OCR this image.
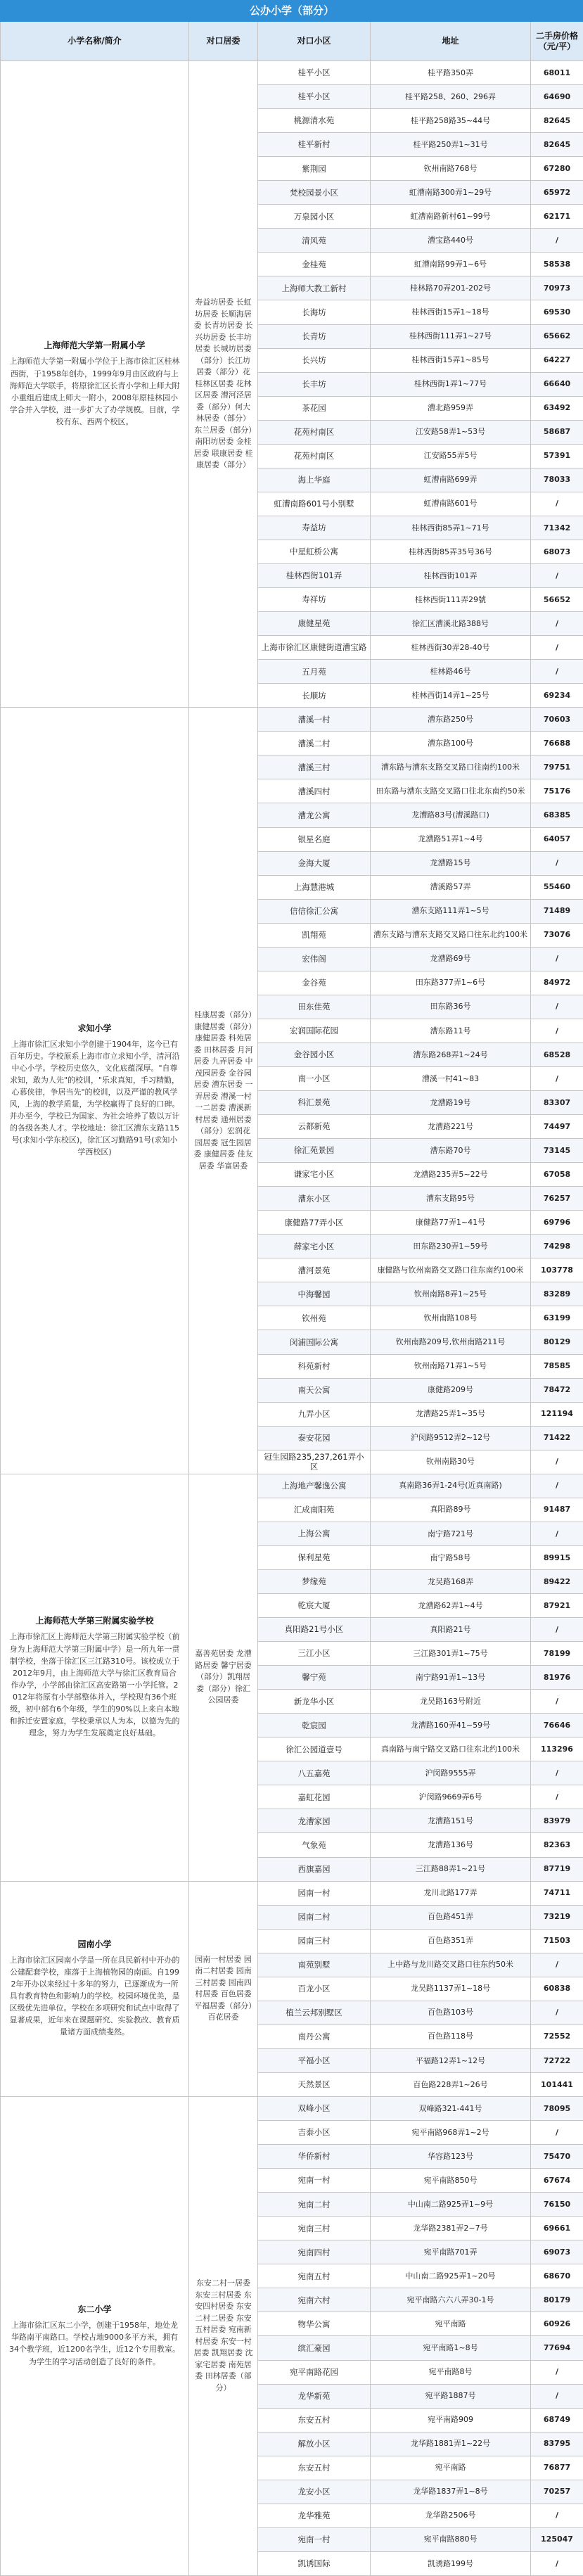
公办小学（部分）				
小学名称/简介	对口居委	对口小区	地址	二手房价格（元/平）

上海师范大学第一附属小学
上海师范大学第一附属小学位于上海市徐汇区桂林西街，于1958年创办，1999年9月由区政府与上海师范大学联手，将原徐汇区长青小学和上师大附小重组后建成上师大一附小，2008年原桂林园小学合并入学校，进一步扩大了办学规模。目前，学校有东、西两个校区。	寿益坊居委 长虹坊居委 长顺海居委 长青坊居委 长兴坊居委 长丰坊居委 长城坊居委（部分）长江坊居委（部分）花桂林区居委 花林区居委 漕河泾居委（部分）何大林居委（部分）东兰居委（部分）南阳坊居委 金桂居委 联康居委 桂康居委（部分）	桂平小区	桂平路350弄	68011
		桂平小区	桂平路258、260、296弄	64690
		桃源清水苑	桂平路258路35~44号	82645
		桂平新村	桂平路250弄1~31号	82645
		紫荆园	钦州南路768号	67280
		梵校园景小区	虹漕南路300弄1~29号	65972
		万泉园小区	虹漕南路新村61~99号	62171
		清风苑	漕宝路440号	/
		金桂苑	虹漕南路99弄1~6号	58538
		上海师大教工新村	桂林路70弄201-202号	70973
		长海坊	桂林西街15弄1~18号	69530
		长青坊	桂林西街111弄1~27号	65662
		长兴坊	桂林西街15弄1~85号	64227
		长丰坊	桂林西街1弄1~77号	66640
		茶花园	漕北路959弄	63492
		花苑村南区	江安路58弄1~53号	58687
		花苑村南区	江安路55弄5号	57391
		海上华庭	虹漕南路699弄	78033
		虹漕南路601号小别墅	虹漕南路601号	/
		寿益坊	桂林西街85弄1~71号	71342
		中星虹桥公寓	桂林西街85弄35号36号	68073
		桂林西街101弄	桂林西街101弄	/
		寿祥坊	桂林西街111弄29號	56652
		康健星苑	徐汇区漕溪北路388号	/
		上海市徐汇区康健街道漕宝路	桂林西街30弄28-40号	/
		五月苑	桂林路46号	/
		长顺坊	桂林西街14弄1~25号	69234

求知小学
上海市徐汇区求知小学创建于1904年，迄今已有百年历史。学校原系上海市市立求知小学，清河沿中心小学。学校历史悠久，文化底蕴深厚。"自尊求知，敢为人先"的校训，"乐求真知，手习精勤，心慕侠律，争居当先"的校训，以及严谨的教风学风，上海的教学质量，为学校赢得了良好的口碑。并办至今，学校已为国家、为社会培养了数以万计的各级各类人才。学校地址：徐汇区漕东支路115号(求知小学东校区)，徐汇区习勤路91号(求知小学西校区)	桂康居委（部分）康健居委（部分）康健居委 科苑居委 田林居委 月河居委 九弄居委 中茂园居委 金谷园居委 漕东居委 一弄居委 漕溪一村一二居委 漕溪新村居委 通州居委（部分）宏润花园居委 冠生园居委 康健居委 佳友居委 华富居委	漕溪一村	漕东路250号	70603
		漕溪二村	漕东路100号	76688
		漕溪三村	漕东路与漕东支路交叉路口往南约100米	79751
		漕溪四村	田东路与漕东支路交叉路口往北东南约50米	75176
		漕龙公寓	龙漕路83号(漕溪路口)	68385
		银星名庭	龙漕路51弄1~4号	64057
		金海大厦	龙漕路15号	/
		上海慧港城	漕溪路57弄	55460
		信信徐汇公寓	漕东支路111弄1~5号	71489
		凯翔苑	漕东支路与漕东支路交叉路口往东北约100米	73076
		宏伟阁	龙漕路69号	/
		金谷苑	田东路377弄1~6号	84972
		田东佳苑	田东路36号	/
		宏润国际花园	漕东路11号	/
		金谷园小区	漕东路268弄1~24号	68528
		南一小区	漕溪一村41~83	/
		科汇景苑	龙漕路19号	83307
		云都新苑	龙漕路221号	74497
		徐汇苑景园	漕东路70号	73145
		谦家宅小区	龙漕路235弄5~22号	67058
		漕东小区	漕东支路95号	76257
		康健路77弄小区	康健路77弄1~41号	69796
		薛家宅小区	田东路230弄1~59号	74298
		漕河景苑	康健路与钦州南路交叉路口往东南约100米	103778
		中海馨园	钦州南路8弄1~25号	83289
		钦州苑	钦州南路108号	63199
		闵浦国际公寓	钦州南路209号,钦州南路211号	80129
		科苑新村	钦州南路71弄1~5号	78585
		南天公寓	康健路209号	78472
		九弄小区	龙漕路25弄1~35号	121194
		泰安花园	沪闵路9512弄2~12号	71422
		冠生园路235,237,261弄小区	钦州南路30号	/

上海师范大学第三附属实验学校
上海市徐汇区上海师范大学第三附属实验学校（前身为上海师范大学第三附属中学）是一所九年一贯制学校，坐落于徐汇区三江路310号。该校成立于2012年9月，由上海师范大学与徐汇区教育局合作办学，小学部由徐汇区高安路第一小学托管。2012年将原有小学部整体并入，学校现有36个班级，初中部有6个年级，学生的90%以上来自本地和拆迁安置家庭，学校秉承以人为本，以德为先的理念，努力为学生发展奠定良好基础。	嘉善苑居委 龙漕路居委 馨宁居委（部分）凯翔居委（部分）徐汇公园居委	上海地产馨逸公寓	真南路36弄1-24号(近真南路)	/
		汇成南阳苑	真阳路89号	91487
		上海公寓	南宁路721号	/
		保利星苑	南宁路58号	89915
		梦缘苑	龙吴路168弄	89422
		乾宸大厦	龙漕路62弄1~4号	87921
		真阳路21号小区	真阳路21号	/
		三江小区	三江路301弄1~75号	78199
		馨宁苑	南宁路91弄1~13号	81976
		新龙华小区	龙吴路163号附近	/
		乾宸园	龙漕路160弄41~59号	76646
		徐汇公园道壹号	真南路与南宁路交叉路口往东北约100米	113296
		八五嘉苑	沪闵路9555弄	/
		嘉虹花园	沪闵路9669弄6号	/
		龙漕家园	龙漕路151号	83979
		气象苑	龙漕路136号	82363
		西旗嘉园	三江路88弄1~21号	87719

园南小学
上海市徐汇区园南小学是一所在具民新村中开办的公建配套学校，座落于上海植物园的南面。自1992年开办以来经过十多年的努力，已逐渐成为一所具有教育特色和影响力的学校。校园环境优美，是区级优先进单位。学校在多项研究和试点中取得了显著成果，近年来在课题研究、实验教改、教育质量诸方面成绩斐然。	园南一村居委 园南二村居委 园南三村居委 园南四村居委 百色居委 平福居委（部分）百花居委	园南一村	龙川北路177弄	74711
		园南二村	百色路451弄	73219
		园南三村	百色路351弄	71503
		南苑别墅	上中路与龙川路交叉路口往东约50米	/
		百龙小区	龙吴路1137弄1~18号	60838
		植兰云邦别墅区	百色路103号	/
		南丹公寓	百色路118号	72552
		平福小区	平福路12弄1~12号	72722
		天然景区	百色路228弄1~26号	101441

东二小学
上海市徐汇区东二小学，创建于1958年，地处龙华路南平南路口。学校占地9000多平方米，拥有34个教学班，近1200名学生，近12个专用教室。为学生的学习活动创造了良好的条件。	东安二村一居委 东安三村居委 东安四村居委 东安二村二居委 东安五村居委 宛南新村居委 东安一村居委 凯翔居委 沈家宅居委 南苑居委 田林居委（部分）	双峰小区	双峰路321-441号	78095
		吉泰小区	宛平南路968弄1~2号	/
		华侨新村	华容路123号	75470
		宛南一村	宛平南路850号	67674
		宛南二村	中山南二路925弄1~9号	76150
		宛南三村	龙华路2381弄2~7号	69661
		宛南四村	宛平南路701弄	69073
		宛南五村	中山南二路925弄1~20号	68670
		宛南六村	宛平南路六六八弄30-1号	80179
		物华公寓	宛平南路	60926
		缤汇豪园	宛平南路1~8号	77694
		宛平南路花园	宛平南路8号	/
		龙华新苑	宛平路1887号	/
		东安五村	宛平南路909	68749
		解放小区	龙华路1881弄1~22号	83795
		东安五村	宛平南路	76877
		龙安小区	龙华路1837弄1~8号	70257
		龙华雅苑	龙华路2506号	/
		宛南一村	宛平南路880号	125047
		凯诱国际	凯诱路199号	/
